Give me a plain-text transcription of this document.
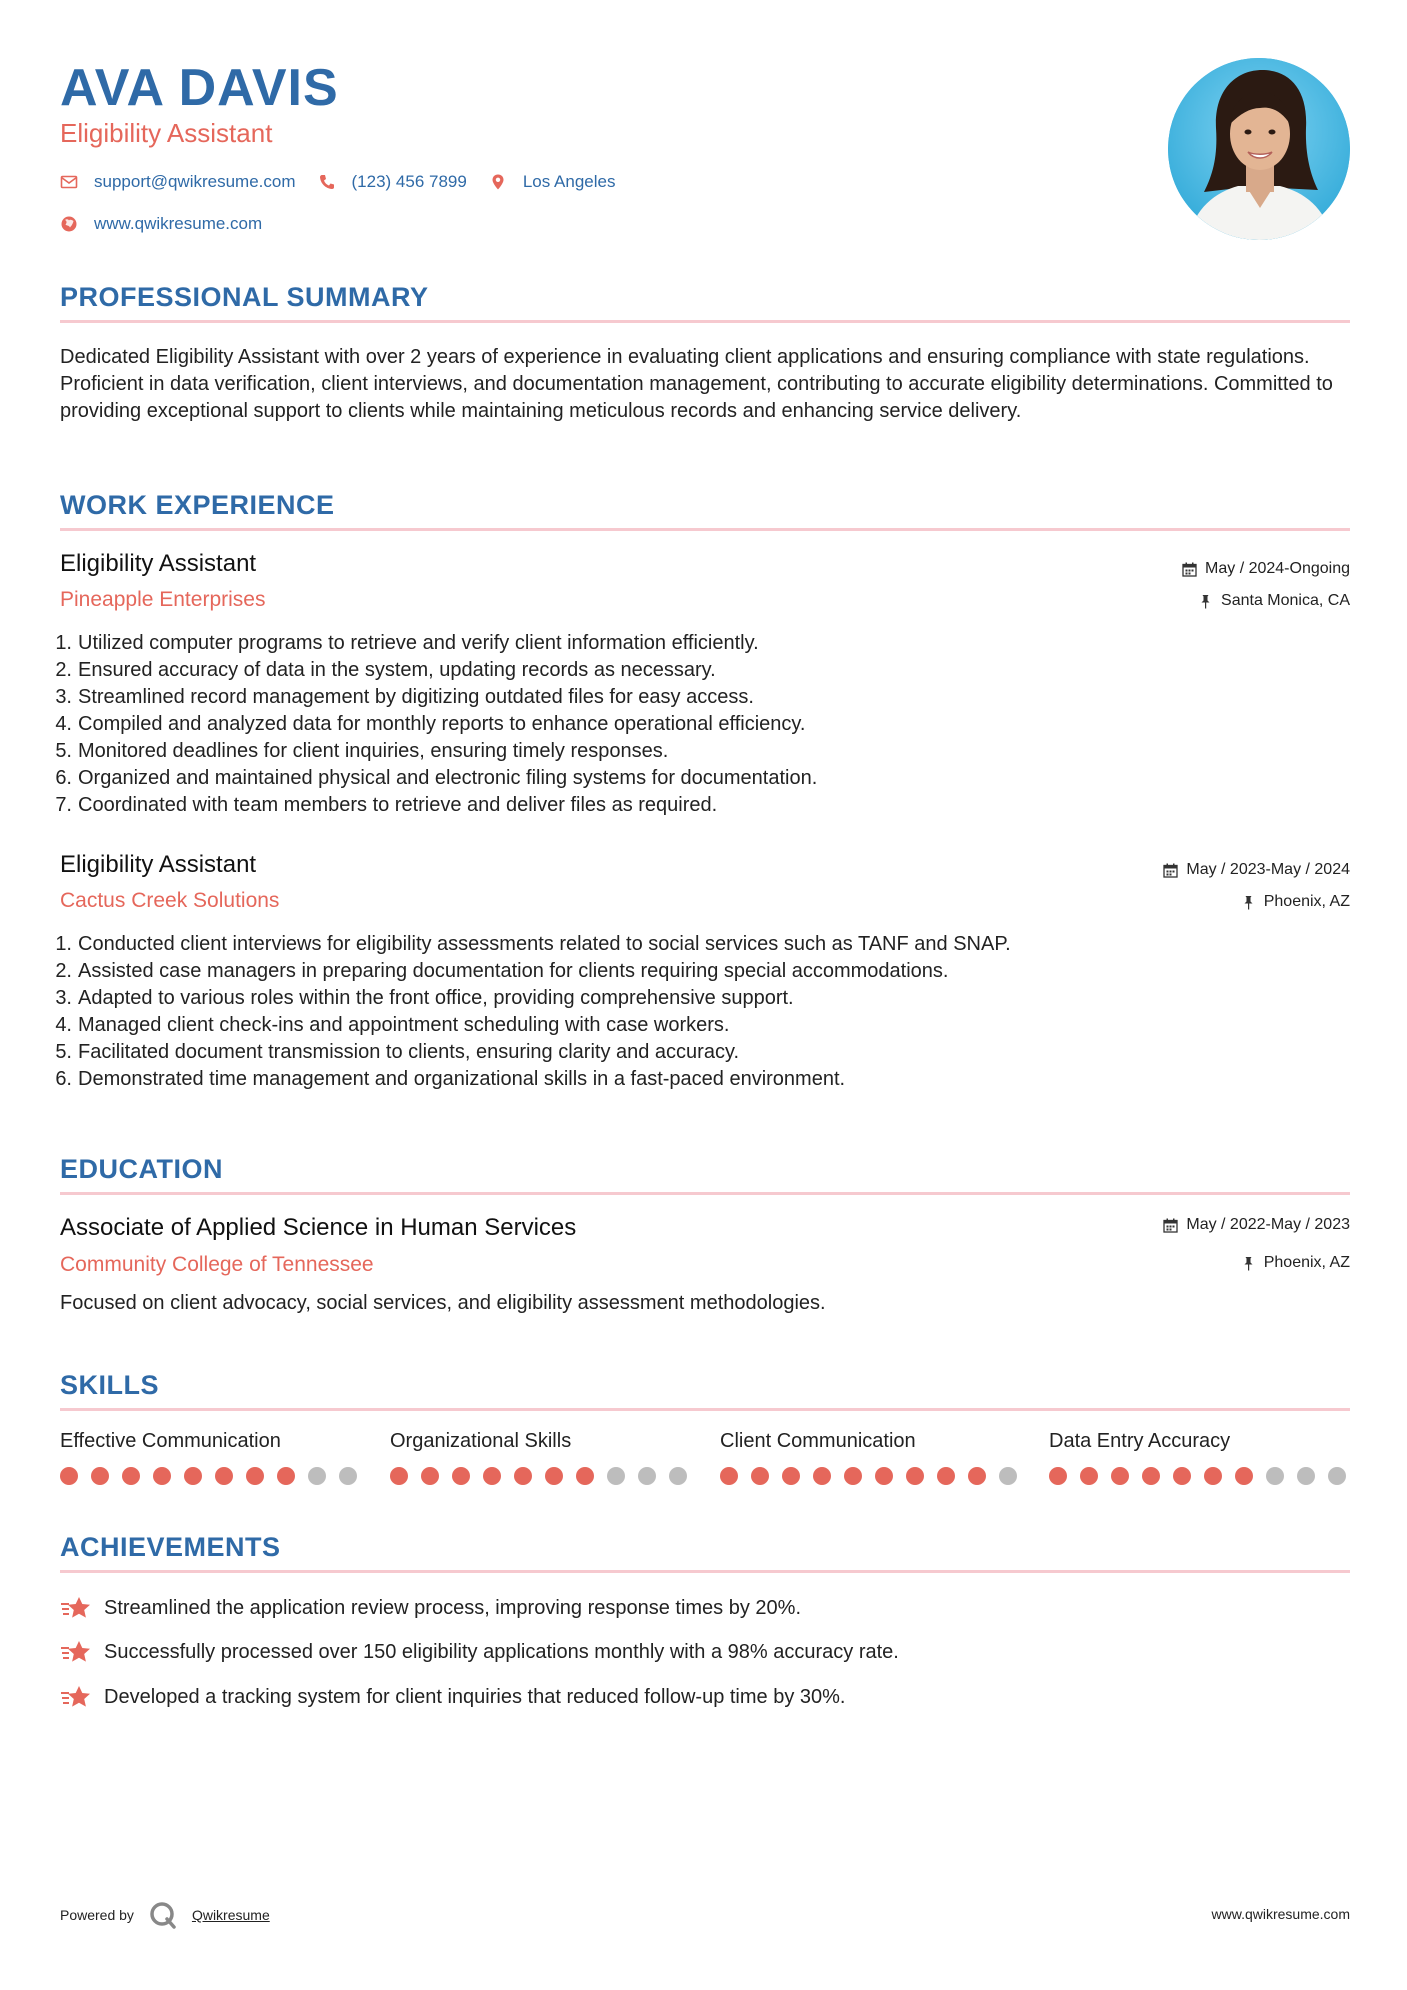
AVA DAVIS
Eligibility Assistant
support@qwikresume.com	(123) 456 7899	Los Angeles
www.qwikresume.com
PROFESSIONAL SUMMARY
Dedicated Eligibility Assistant with over 2 years of experience in evaluating client applications and ensuring compliance with state regulations. Proficient in data verification, client interviews, and documentation management, contributing to accurate eligibility determinations. Committed to providing exceptional support to clients while maintaining meticulous records and enhancing service delivery.
WORK EXPERIENCE
Eligibility Assistant
Pineapple Enterprises
May / 2024-Ongoing
Santa Monica, CA
1. Utilized computer programs to retrieve and verify client information efficiently.
2. Ensured accuracy of data in the system, updating records as necessary.
3. Streamlined record management by digitizing outdated files for easy access.
4. Compiled and analyzed data for monthly reports to enhance operational efficiency.
5. Monitored deadlines for client inquiries, ensuring timely responses.
6. Organized and maintained physical and electronic filing systems for documentation.
7. Coordinated with team members to retrieve and deliver files as required.
Eligibility Assistant
Cactus Creek Solutions
May / 2023-May / 2024
Phoenix, AZ
1. Conducted client interviews for eligibility assessments related to social services such as TANF and SNAP.
2. Assisted case managers in preparing documentation for clients requiring special accommodations.
3. Adapted to various roles within the front office, providing comprehensive support.
4. Managed client check-ins and appointment scheduling with case workers.
5. Facilitated document transmission to clients, ensuring clarity and accuracy.
6. Demonstrated time management and organizational skills in a fast-paced environment.
EDUCATION
Associate of Applied Science in Human Services
Community College of Tennessee
May / 2022-May / 2023
Phoenix, AZ
Focused on client advocacy, social services, and eligibility assessment methodologies.
SKILLS
Effective Communication	Organizational Skills	Client Communication	Data Entry Accuracy
ACHIEVEMENTS
Streamlined the application review process, improving response times by 20%.
Successfully processed over 150 eligibility applications monthly with a 98% accuracy rate.
Developed a tracking system for client inquiries that reduced follow-up time by 30%.
Powered by	Qwikresume	www.qwikresume.com
